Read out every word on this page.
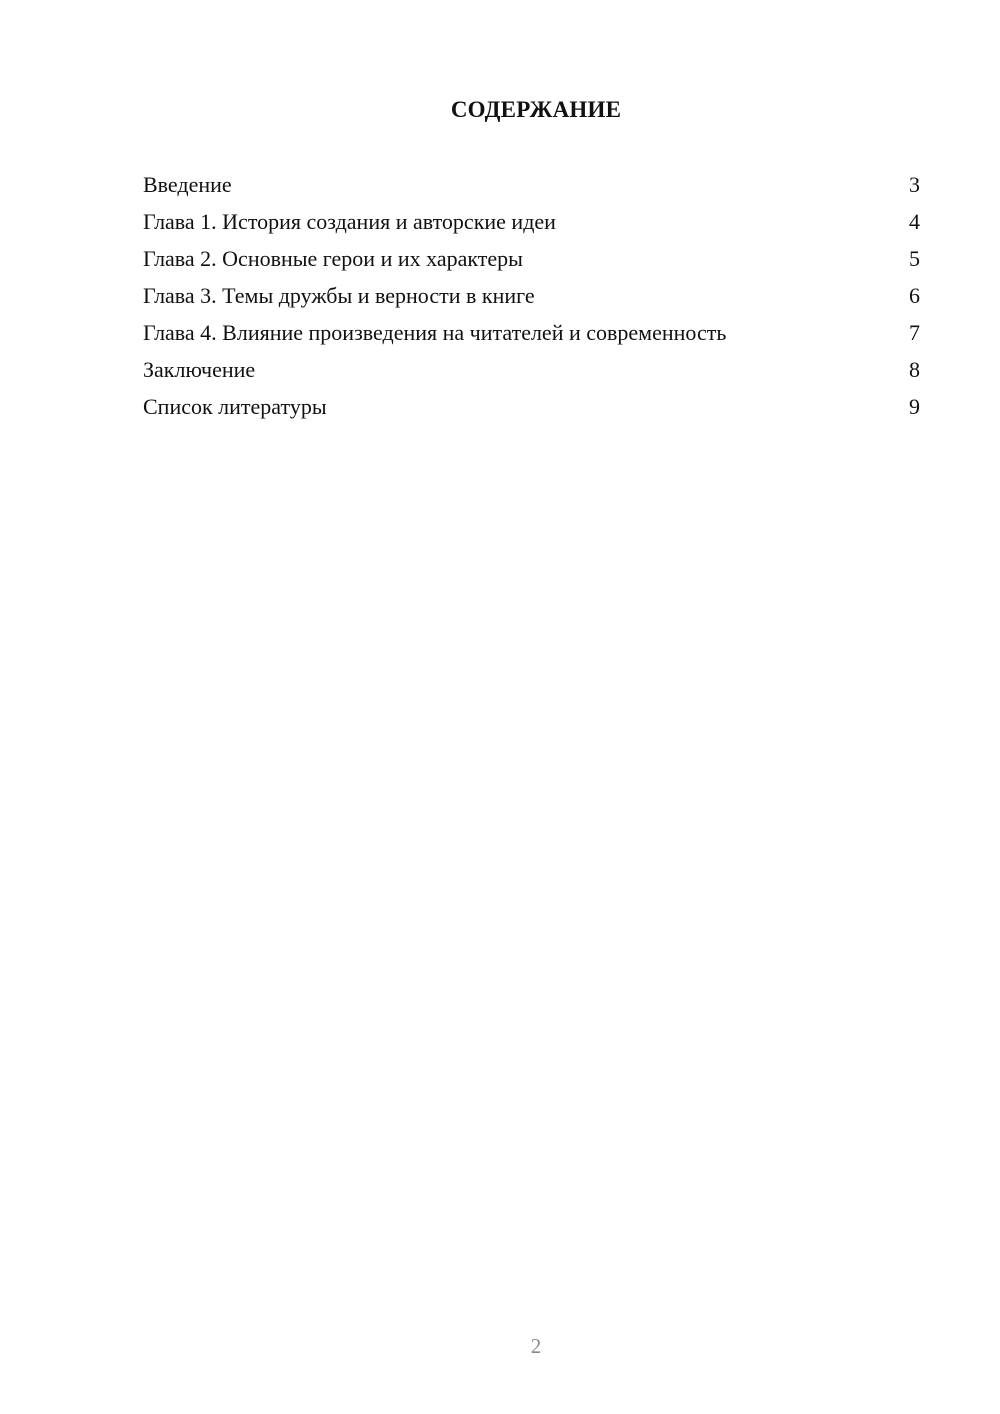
СОДЕРЖАНИЕ
Введение	3
Глава 1. История создания и авторские идеи	4
Глава 2. Основные герои и их характеры	5
Глава 3. Темы дружбы и верности в книге	6
Глава 4. Влияние произведения на читателей и современность	7
Заключение	8
Список литературы	9
2
